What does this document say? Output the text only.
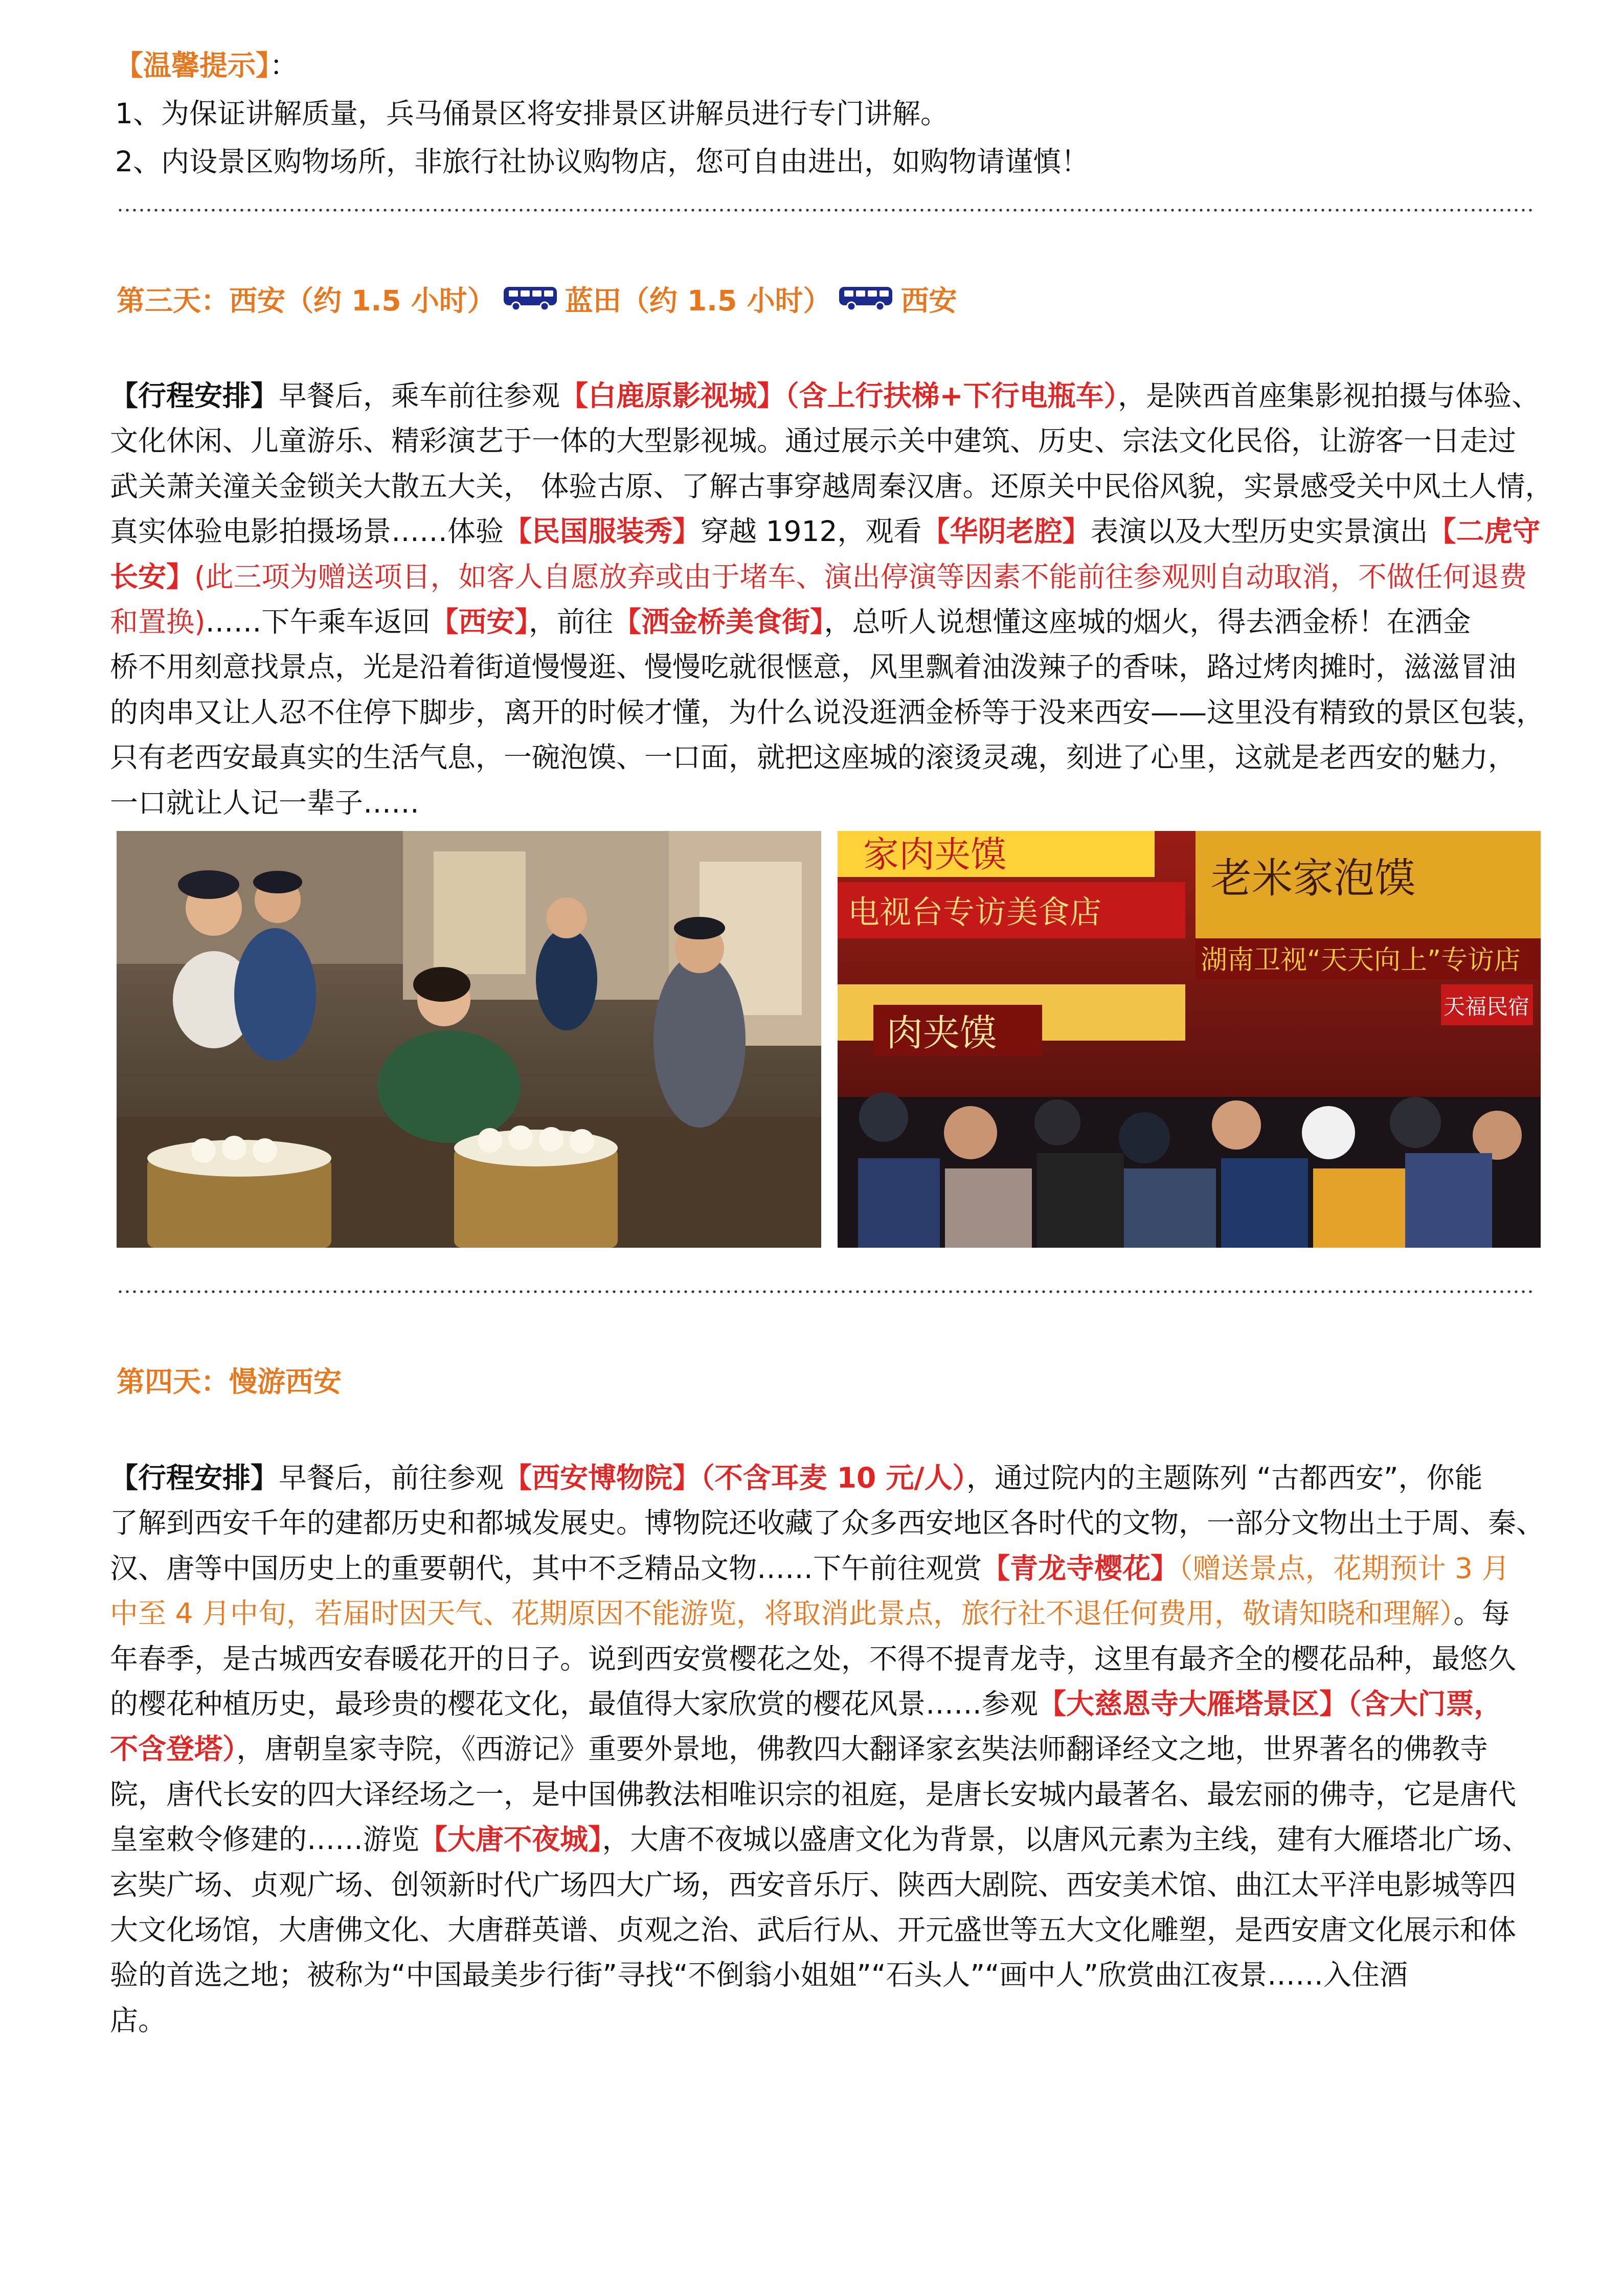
【温馨提示】：
1、为保证讲解质量，兵马俑景区将安排景区讲解员进行专门讲解。
2、内设景区购物场所，非旅行社协议购物店，您可自由进出，如购物请谨慎！
第三天：西安（约 1.5 小时） 蓝田（约 1.5 小时） 西安

【行程安排】早餐后，乘车前往参观【白鹿原影视城】（含上行扶梯+下行电瓶车），是陕西首座集影视拍摄与体验、

文化休闲、儿童游乐、精彩演艺于一体的大型影视城。通过展示关中建筑、历史、宗法文化民俗，让游客一日走过

武关萧关潼关金锁关大散五大关， 体验古原、了解古事穿越周秦汉唐。还原关中民俗风貌，实景感受关中风土人情，

真实体验电影拍摄场景……体验【民国服装秀】穿越 1912，观看【华阴老腔】表演以及大型历史实景演出【二虎守

长安】(此三项为赠送项目，如客人自愿放弃或由于堵车、演出停演等因素不能前往参观则自动取消，不做任何退费

和置换)……下午乘车返回【西安】，前往【洒金桥美食街】，总听人说想懂这座城的烟火，得去洒金桥！在洒金

桥不用刻意找景点，光是沿着街道慢慢逛、慢慢吃就很惬意，风里飘着油泼辣子的香味，路过烤肉摊时，滋滋冒油

的肉串又让人忍不住停下脚步，离开的时候才懂，为什么说没逛洒金桥等于没来西安——这里没有精致的景区包装，

只有老西安最真实的生活气息，一碗泡馍、一口面，就把这座城的滚烫灵魂，刻进了心里，这就是老西安的魅力，

一口就让人记一辈子……

家肉夹馍
电视台专访美食店
老米家泡馍
湖南卫视“天天向上”专访店
肉夹馍
天福民宿
第四天：慢游西安

【行程安排】早餐后，前往参观【西安博物院】（不含耳麦 10 元/人），通过院内的主题陈列 “古都西安”，你能

了解到西安千年的建都历史和都城发展史。博物院还收藏了众多西安地区各时代的文物，一部分文物出土于周、秦、

汉、唐等中国历史上的重要朝代，其中不乏精品文物……下午前往观赏【青龙寺樱花】（赠送景点，花期预计 3 月

中至 4 月中旬，若届时因天气、花期原因不能游览，将取消此景点，旅行社不退任何费用，敬请知晓和理解）。每

年春季，是古城西安春暖花开的日子。说到西安赏樱花之处，不得不提青龙寺，这里有最齐全的樱花品种，最悠久

的樱花种植历史，最珍贵的樱花文化，最值得大家欣赏的樱花风景……参观【大慈恩寺大雁塔景区】（含大门票，

不含登塔），唐朝皇家寺院，《西游记》重要外景地，佛教四大翻译家玄奘法师翻译经文之地，世界著名的佛教寺

院，唐代长安的四大译经场之一，是中国佛教法相唯识宗的祖庭，是唐长安城内最著名、最宏丽的佛寺，它是唐代

皇室敕令修建的……游览【大唐不夜城】，大唐不夜城以盛唐文化为背景，以唐风元素为主线，建有大雁塔北广场、

玄奘广场、贞观广场、创领新时代广场四大广场，西安音乐厅、陕西大剧院、西安美术馆、曲江太平洋电影城等四

大文化场馆，大唐佛文化、大唐群英谱、贞观之治、武后行从、开元盛世等五大文化雕塑，是西安唐文化展示和体

验的首选之地；被称为“中国最美步行街”寻找“不倒翁小姐姐”“石头人”“画中人”欣赏曲江夜景……入住酒

店。
